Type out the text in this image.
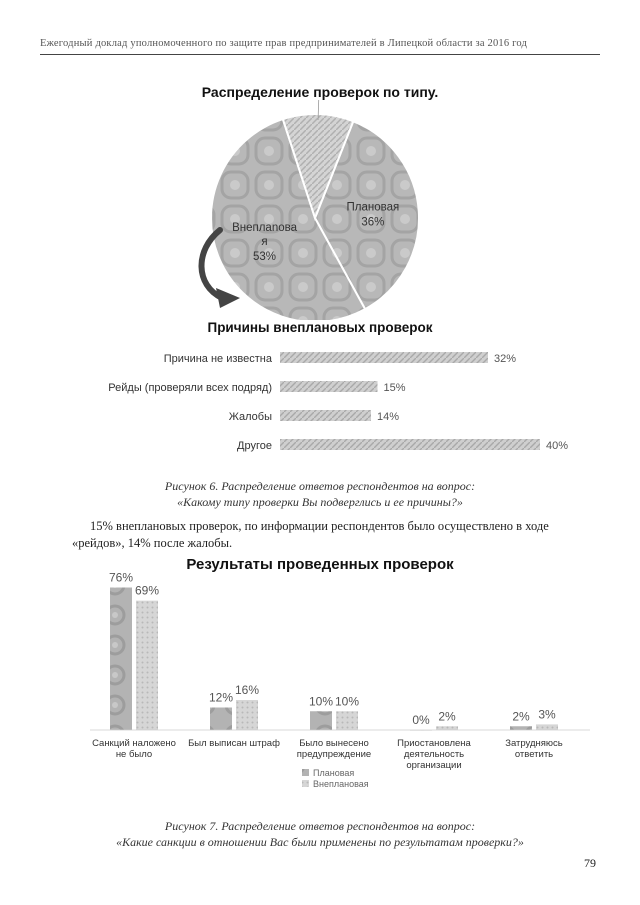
Ежегодный доклад уполномоченного по защите прав предпринимателей в Липецкой области за 2016 год
Распределение проверок по типу.
Плановая 36%
Внеплаnова я 53%
Причины внеплановых проверок
Причина не известна	32%
Рейды (проверяли всех подряд)	15%
Жалобы	14%
Другое	40%
Рисунок 6. Распределение ответов респондентов на вопрос:
«Какому типу проверки Вы подверглись и ее причины?»
15% внеплановых проверок, по информации респондентов было осуществлено в ходе «рейдов», 14% после жалобы.
Результаты проведенных проверок
76%
69%
Санкций наложено не было
12%
16%
Был выписан штраф
10% 10%
Было вынесено предупреждение
0% 2%
Приостановлена деятельность организации
2% 3%
Затрудняюсь ответить
Плановая
Внеплановая
Рисунок 7. Распределение ответов респондентов на вопрос:
«Какие санкции в отношении Вас были применены по результатам проверки?»
79
